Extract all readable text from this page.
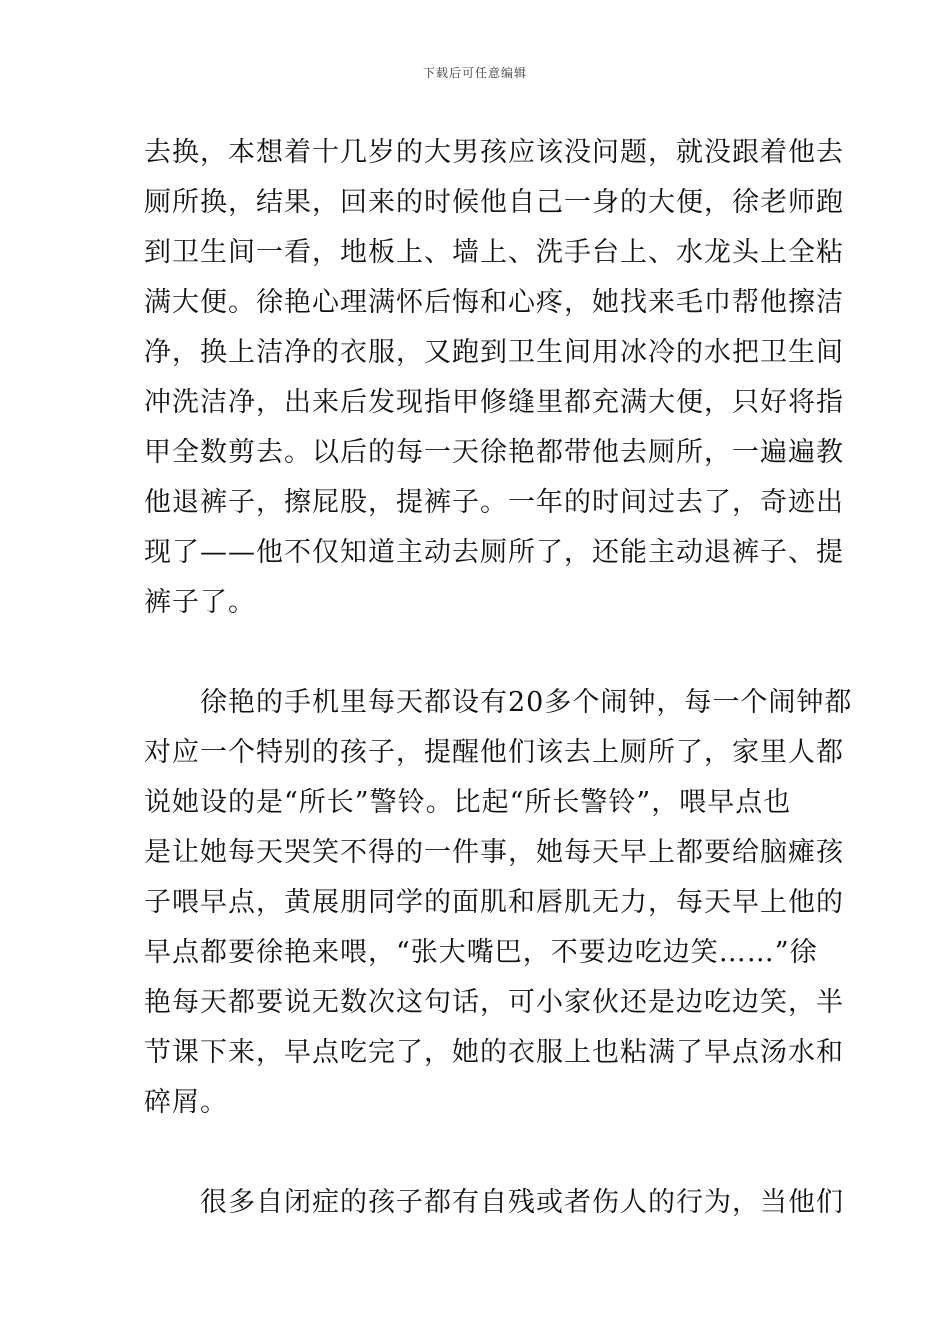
下载后可任意编辑
去换，本想着十几岁的大男孩应该没问题，就没跟着他去
厕所换，结果，回来的时候他自己一身的大便，徐老师跑
到卫生间一看，地板上、墙上、洗手台上、水龙头上全粘
满大便。徐艳心理满怀后悔和心疼，她找来毛巾帮他擦洁
净，换上洁净的衣服，又跑到卫生间用冰冷的水把卫生间
冲洗洁净，出来后发现指甲修缝里都充满大便，只好将指
甲全数剪去。以后的每一天徐艳都带他去厕所，一遍遍教
他退裤子，擦屁股，提裤子。一年的时间过去了，奇迹出
现了——他不仅知道主动去厕所了，还能主动退裤子、提
裤子了。
徐艳的手机里每天都设有20多个闹钟，每一个闹钟都
对应一个特别的孩子，提醒他们该去上厕所了，家里人都
说她设的是“所长”警铃。比起“所长警铃”，喂早点也
是让她每天哭笑不得的一件事，她每天早上都要给脑瘫孩
子喂早点，黄展朋同学的面肌和唇肌无力，每天早上他的
早点都要徐艳来喂，“张大嘴巴，不要边吃边笑……”徐
艳每天都要说无数次这句话，可小家伙还是边吃边笑，半
节课下来，早点吃完了，她的衣服上也粘满了早点汤水和
碎屑。
很多自闭症的孩子都有自残或者伤人的行为，当他们
